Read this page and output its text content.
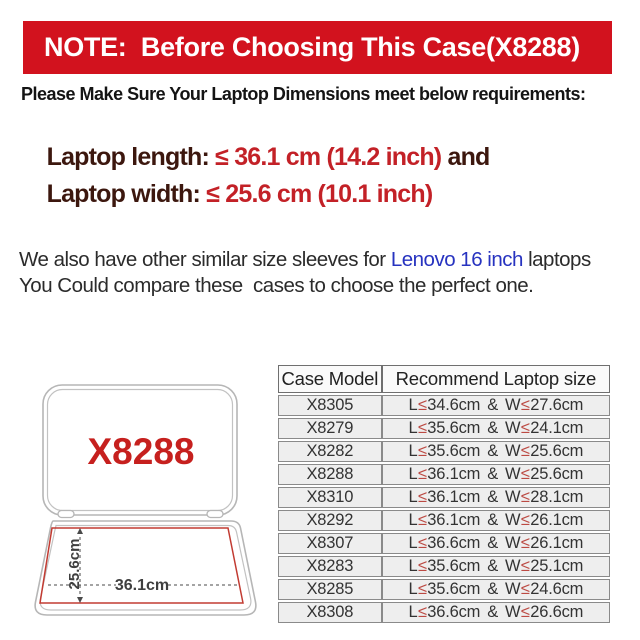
NOTE:  Before Choosing This Case(X8288)
Please Make Sure Your Laptop Dimensions meet below requirements:

Laptop length: ≤ 36.1 cm (14.2 inch) and

Laptop width: ≤ 25.6 cm (10.1 inch)

We also have other similar size sleeves for Lenovo 16 inch laptops
You Could compare these  cases to choose the perfect one.
X8288
25.6cm 36.1cm
Case Model	Recommend Laptop size
X8305	L≤34.6cm & W≤27.6cm
X8279	L≤35.6cm & W≤24.1cm
X8282	L≤35.6cm & W≤25.6cm
X8288	L≤36.1cm & W≤25.6cm
X8310	L≤36.1cm & W≤28.1cm
X8292	L≤36.1cm & W≤26.1cm
X8307	L≤36.6cm & W≤26.1cm
X8283	L≤35.6cm & W≤25.1cm
X8285	L≤35.6cm & W≤24.6cm
X8308	L≤36.6cm & W≤26.6cm
